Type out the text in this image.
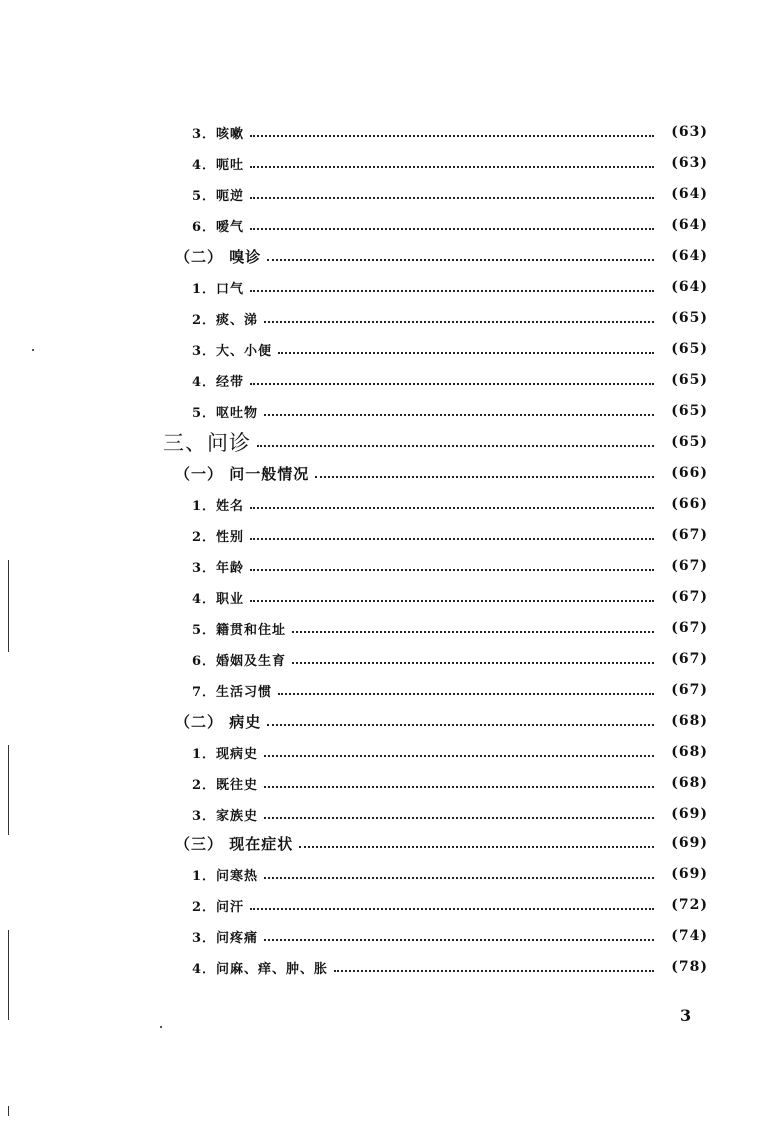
3．咳嗽	(63)
4．呃吐	(63)
5．呃逆	(64)
6．嗳气	(64)
（二） 嗅诊	(64)
1．口气	(64)
2．痰、涕	(65)
3．大、小便	(65)
4．经带	(65)
5．呕吐物	(65)
三、问诊	(65)
（一） 问一般情况	(66)
1．姓名	(66)
2．性别	(67)
3．年龄	(67)
4．职业	(67)
5．籍贯和住址	(67)
6．婚姻及生育	(67)
7．生活习惯	(67)
（二） 病史	(68)
1．现病史	(68)
2．既往史	(68)
3．家族史	(69)
（三） 现在症状	(69)
1．问寒热	(69)
2．问汗	(72)
3．问疼痛	(74)
4．问麻、痒、肿、胀	(78)
3
